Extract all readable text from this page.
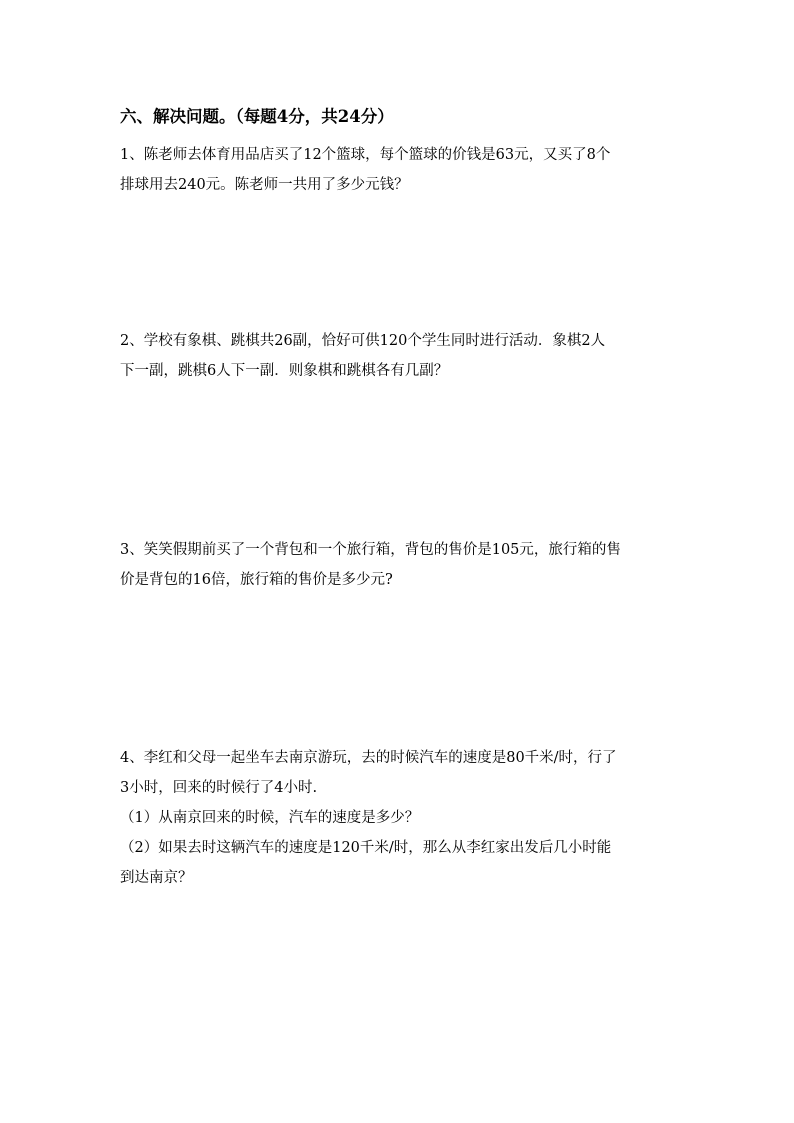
六、解决问题。（每题4分，共24分）
1、陈老师去体育用品店买了12个篮球，每个篮球的价钱是63元，又买了8个
排球用去240元。陈老师一共用了多少元钱？
2、学校有象棋、跳棋共26副，恰好可供120个学生同时进行活动．象棋2人
下一副，跳棋6人下一副．则象棋和跳棋各有几副？
3、笑笑假期前买了一个背包和一个旅行箱，背包的售价是105元，旅行箱的售
价是背包的16倍，旅行箱的售价是多少元?
4、李红和父母一起坐车去南京游玩，去的时候汽车的速度是80千米/时，行了
3小时，回来的时候行了4小时.
（1）从南京回来的时候，汽车的速度是多少？
（2）如果去时这辆汽车的速度是120千米/时，那么从李红家出发后几小时能
到达南京？
